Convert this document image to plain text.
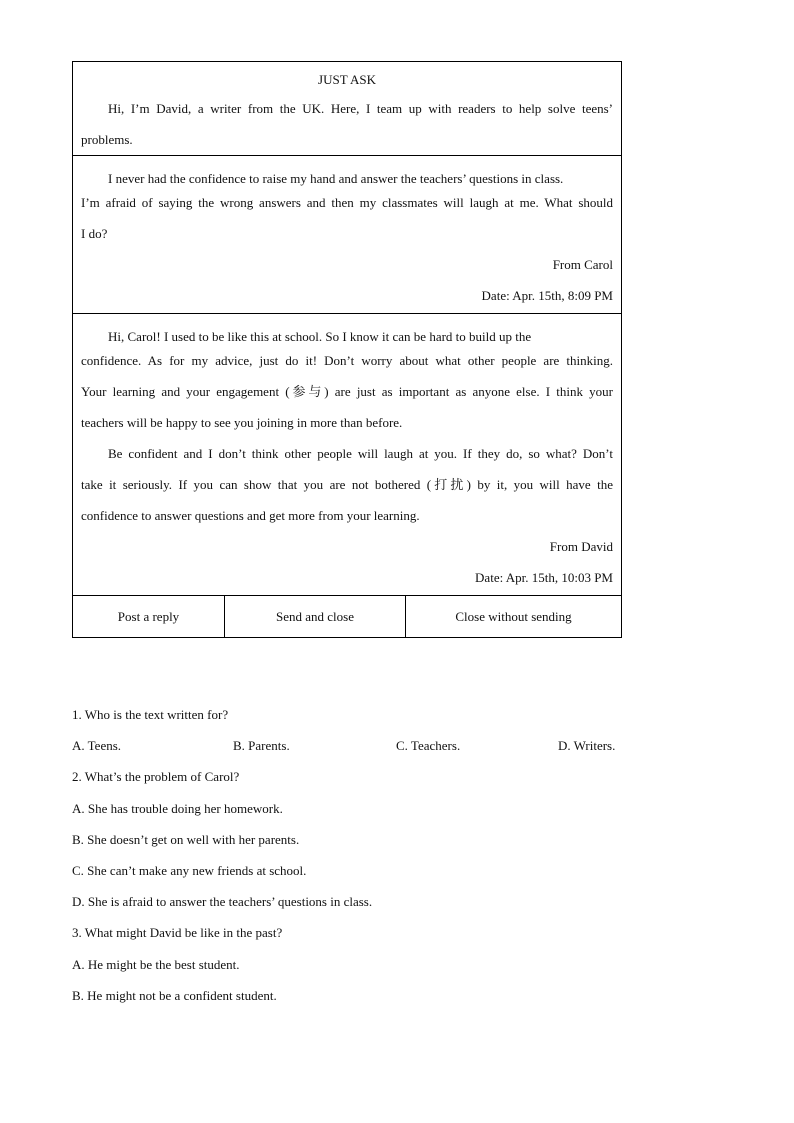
JUST ASK
Hi, I’m David, a writer from the UK. Here, I team up with readers to help solve teens’
problems.
I never had the confidence to raise my hand and answer the teachers’ questions in class.
I’m afraid of saying the wrong answers and then my classmates will laugh at me. What should
I do?
From Carol
Date: Apr. 15th, 8:09 PM
Hi, Carol! I used to be like this at school. So I know it can be hard to build up the
confidence. As for my advice, just do it! Don’t worry about what other people are thinking.
Your learning and your engagement (参与) are just as important as anyone else. I think your
teachers will be happy to see you joining in more than before.
Be confident and I don’t think other people will laugh at you. If they do, so what? Don’t
take it seriously. If you can show that you are not bothered (打扰) by it, you will have the
confidence to answer questions and get more from your learning.
From David
Date: Apr. 15th, 10:03 PM
Post a reply	Send and close	Close without sending
1. Who is the text written for?
A. Teens.	B. Parents.	C. Teachers.	D. Writers.
2. What’s the problem of Carol?
A. She has trouble doing her homework.
B. She doesn’t get on well with her parents.
C. She can’t make any new friends at school.
D. She is afraid to answer the teachers’ questions in class.
3. What might David be like in the past?
A. He might be the best student.
B. He might not be a confident student.
